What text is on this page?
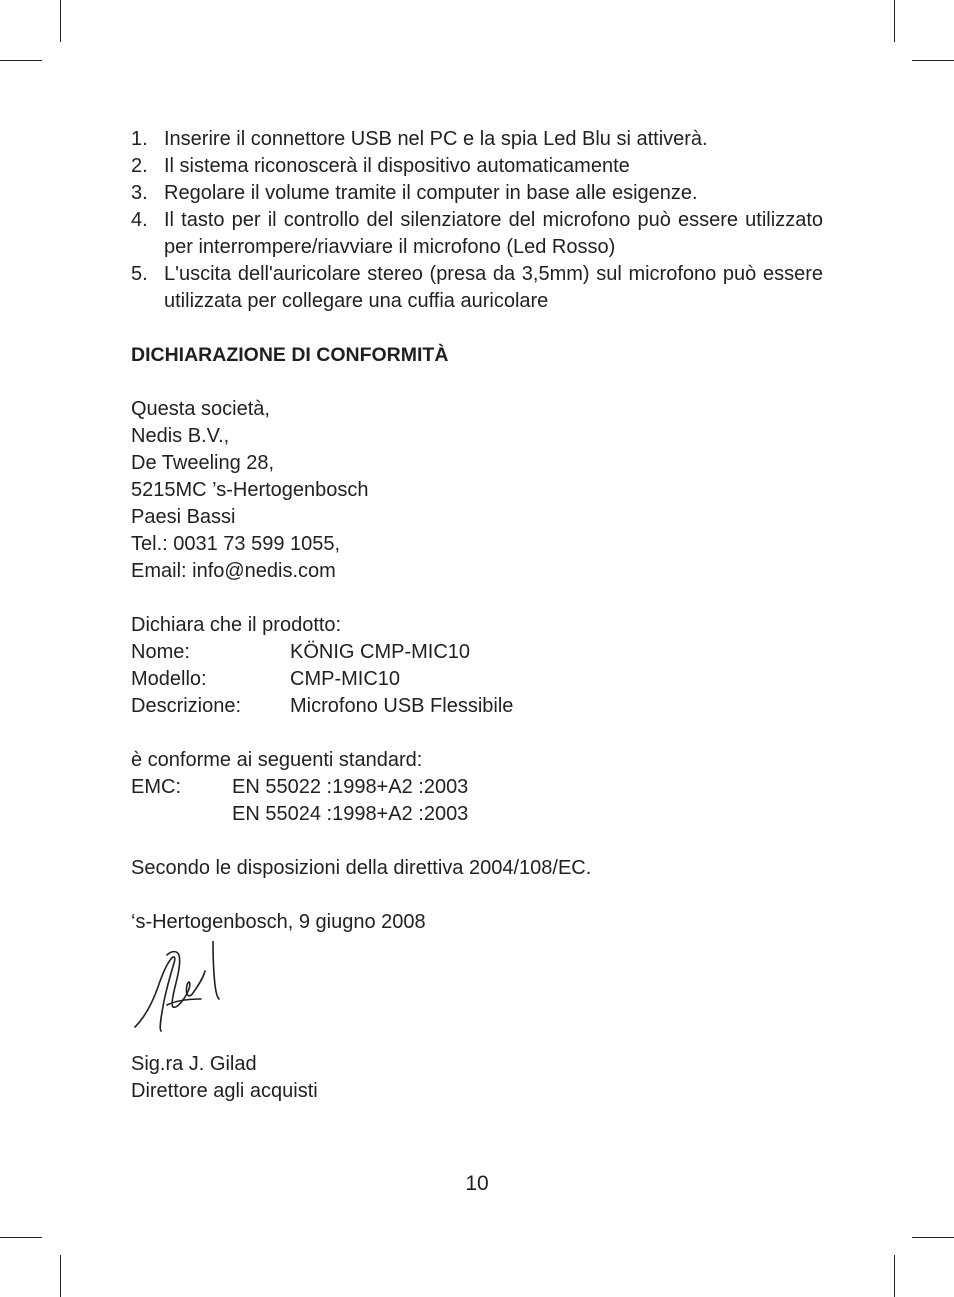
1. Inserire il connettore USB nel PC e la spia Led Blu si attiverà.
2. Il sistema riconoscerà il dispositivo automaticamente
3. Regolare il volume tramite il computer in base alle esigenze.
4. Il tasto per il controllo del silenziatore del microfono può essere utilizzato per interrompere/riavviare il microfono (Led Rosso)
5. L'uscita dell'auricolare stereo (presa da 3,5mm) sul microfono può essere utilizzata per collegare una cuffia auricolare
DICHIARAZIONE DI CONFORMITÀ
Questa società,
Nedis B.V.,
De Tweeling 28,
5215MC ’s-Hertogenbosch
Paesi Bassi
Tel.: 0031 73 599 1055,
Email: info@nedis.com
Dichiara che il prodotto:
Nome:	KÖNIG CMP-MIC10
Modello:	CMP-MIC10
Descrizione:	Microfono USB Flessibile
è conforme ai seguenti standard:
EMC:	EN 55022 :1998+A2 :2003
EN 55024 :1998+A2 :2003
Secondo le disposizioni della direttiva 2004/108/EC.
‘s-Hertogenbosch, 9 giugno 2008
Sig.ra J. Gilad
Direttore agli acquisti
10
